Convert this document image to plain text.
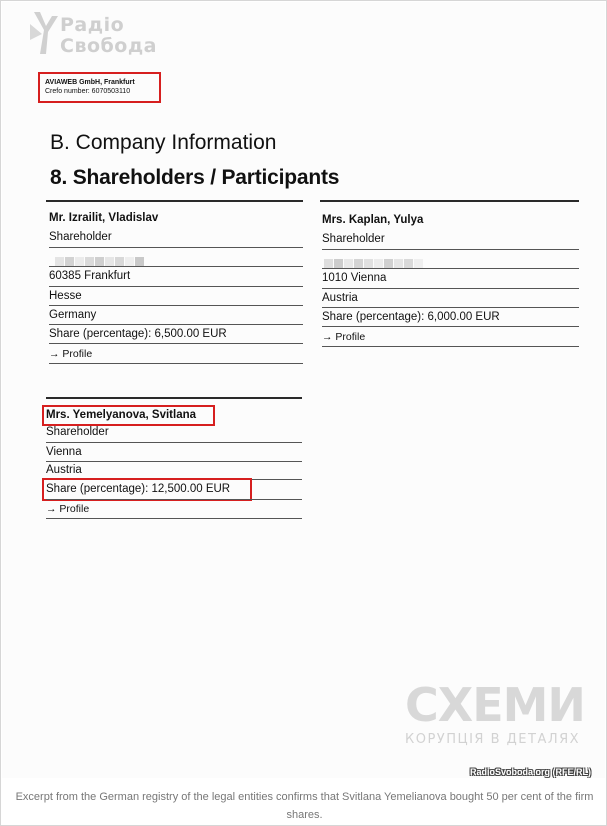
Радіо
Свобода
AVIAWEB GmbH, Frankfurt
Crefo number: 6070503110
B. Company Information
8. Shareholders / Participants
Mr. Izrailit, Vladislav
Shareholder
60385 Frankfurt
Hesse
Germany
Share (percentage): 6,500.00 EUR
→ Profile
Mrs. Kaplan, Yulya
Shareholder
1010 Vienna
Austria
Share (percentage): 6,000.00 EUR
→ Profile
Mrs. Yemelyanova, Svitlana
Shareholder
Vienna
Austria
Share (percentage): 12,500.00 EUR
→ Profile
СХЕМИ
КОРУПЦІЯ В ДЕТАЛЯХ
RadioSvoboda.org (RFE/RL)
Excerpt from the German registry of the legal entities confirms that Svitlana Yemelianova bought 50 per cent of the firm shares.
